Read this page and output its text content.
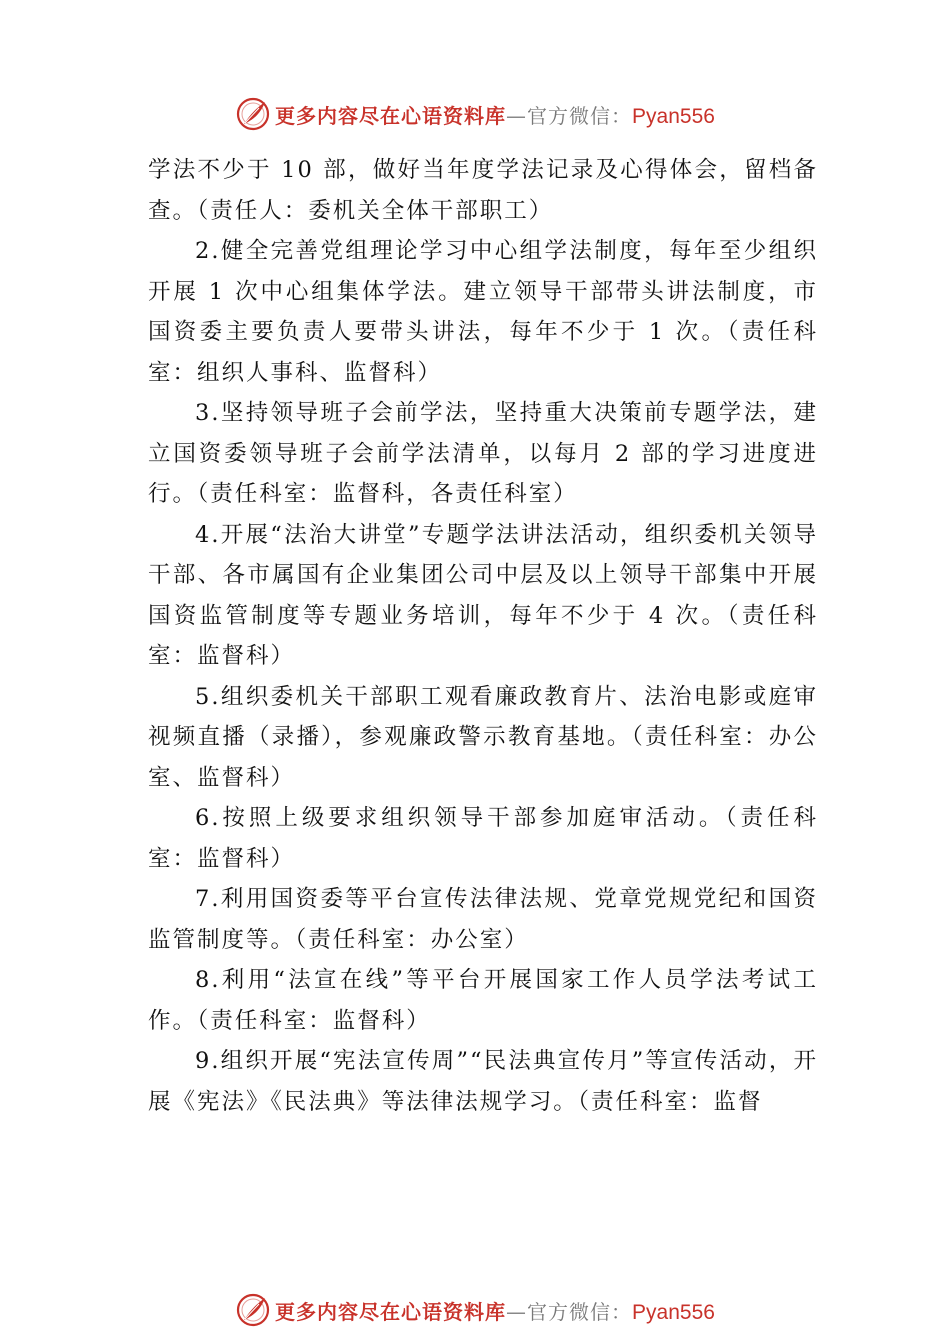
更多内容尽在心语资料库—官方微信：Pyan556

学法不少于 10 部，做好当年度学法记录及心得体会，留档备查。（责任人：委机关全体干部职工）

2.健全完善党组理论学习中心组学法制度，每年至少组织开展 1 次中心组集体学法。建立领导干部带头讲法制度，市国资委主要负责人要带头讲法，每年不少于 1 次。（责任科室：组织人事科、监督科）

3.坚持领导班子会前学法，坚持重大决策前专题学法，建立国资委领导班子会前学法清单，以每月 2 部的学习进度进行。（责任科室：监督科，各责任科室）

4.开展“法治大讲堂”专题学法讲法活动，组织委机关领导干部、各市属国有企业集团公司中层及以上领导干部集中开展国资监管制度等专题业务培训，每年不少于 4 次。（责任科室：监督科）

5.组织委机关干部职工观看廉政教育片、法治电影或庭审视频直播（录播），参观廉政警示教育基地。（责任科室：办公室、监督科）

6.按照上级要求组织领导干部参加庭审活动。（责任科室：监督科）

7.利用国资委等平台宣传法律法规、党章党规党纪和国资监管制度等。（责任科室：办公室）

8.利用“法宣在线”等平台开展国家工作人员学法考试工作。（责任科室：监督科）

9.组织开展“宪法宣传周”“民法典宣传月”等宣传活动，开展《宪法》《民法典》等法律法规学习。（责任科室：监督

更多内容尽在心语资料库—官方微信：Pyan556
